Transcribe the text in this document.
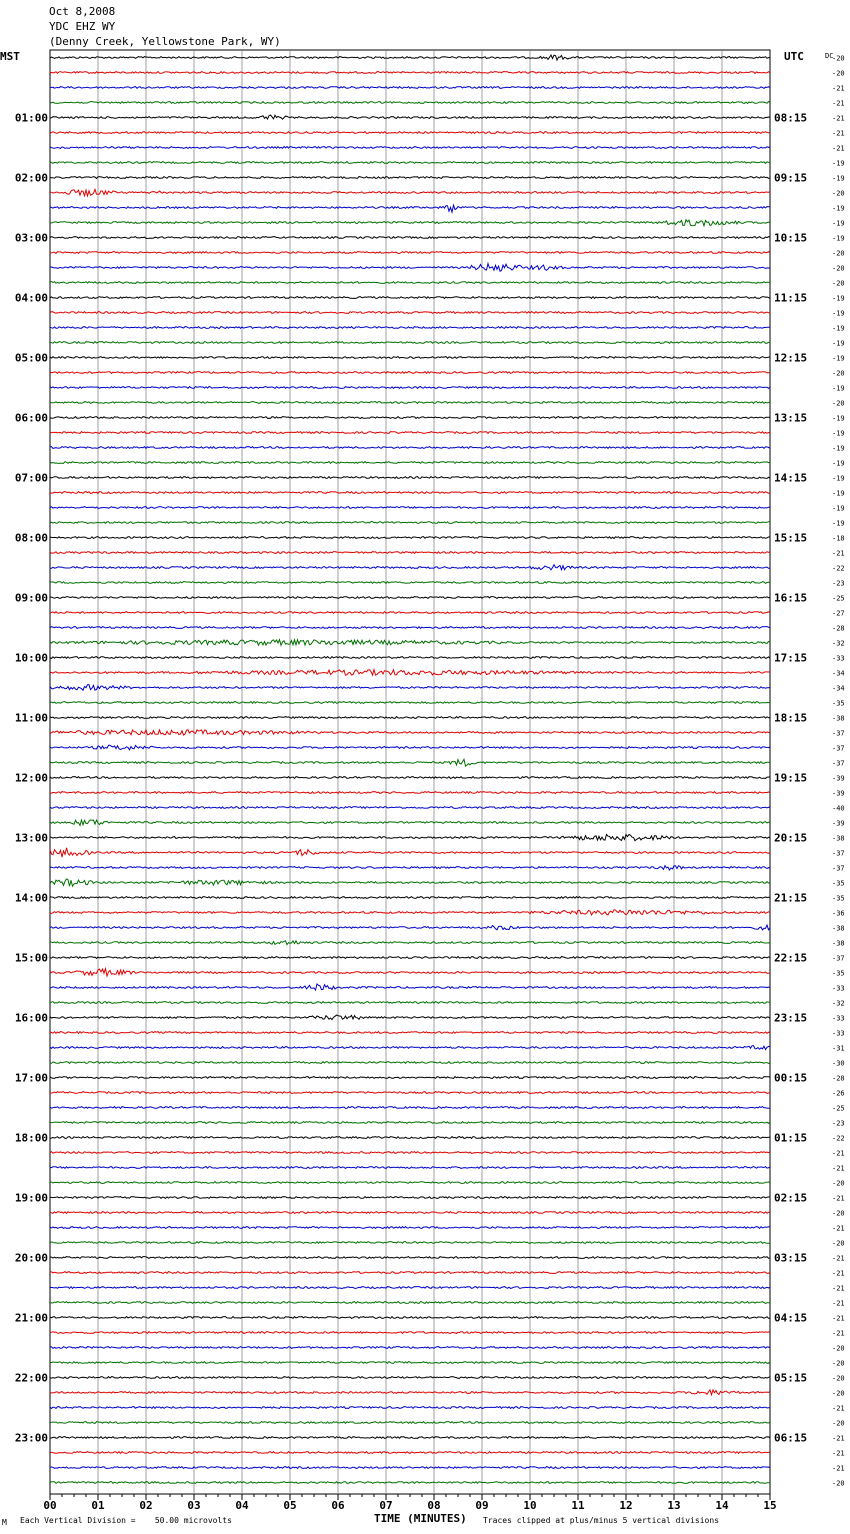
Oct 8,2008
YDC EHZ WY
(Denny Creek, Yellowstone Park, WY)
MST	UTC	-20
-20
-21
-21
-21
-21
-21
-19
-19
-20
-19
-19
-19
-20
-20
-20
-19
-19
-19
-19
-19
-20
-19
-20
-19
-19
-19
-19
-19
-19
-19
-19
-18
-21
-22
-23
-25
-27
-28
-32
-33
-34
-34
-35
-38
-37
-37
-37
-39
-39
-40
-39
-38
-37
-37
-35
-35
-36
-38
-38
-37
-35
-33
-32
-33
-33
-31
-30
-28
-26
-25
-23
-22
-21
-21
-20
-21
-20
-21
-20
-21
-21
-21
-21
-21
-21
-20
-20
-20
-20
-21
-20
-21
-21
-21
-20
DC
01:00	08:15
02:00	09:15
03:00	10:15
04:00	11:15
05:00	12:15
06:00	13:15
07:00	14:15
08:00	15:15
09:00	16:15
10:00	17:15
11:00	18:15
12:00	19:15
13:00	20:15
14:00	21:15
15:00	22:15
16:00	23:15
17:00	00:15
18:00	01:15
19:00	02:15
20:00	03:15
21:00	04:15
22:00	05:15
23:00	06:15
00	01	02	03	04	05	06	07	08	09	10	11	12	13	14	15
M Each Vertical Division =    50.00 microvolts	TIME (MINUTES) Traces clipped at plus/minus 5 vertical divisions
